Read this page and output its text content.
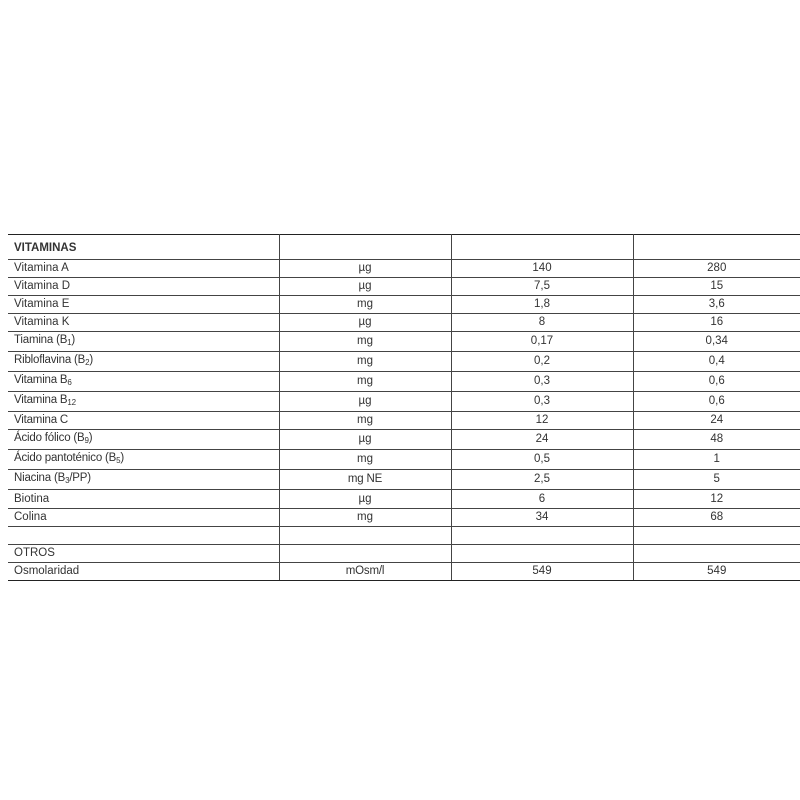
VITAMINAS			
Vitamina A	µg	140	280
Vitamina D	µg	7,5	15
Vitamina E	mg	1,8	3,6
Vitamina K	µg	8	16
Tiamina $(B_1)$	mg	0,17	0,34
Ribloflavina $(B_2)$	mg	0,2	0,4
Vitamina $B_6$	mg	0,3	0,6
Vitamina $B_{12}$	µg	0,3	0,6
Vitamina C	mg	12	24
Ácido fólico $(B_9)$	µg	24	48
Ácido pantoténico $(B_5)$	mg	0,5	1
Niacina $(B_3/PP)$	mg NE	2,5	5
Biotina	µg	6	12
Colina	mg	34	68

OTROS			
Osmolaridad	mOsm/l	549	549
